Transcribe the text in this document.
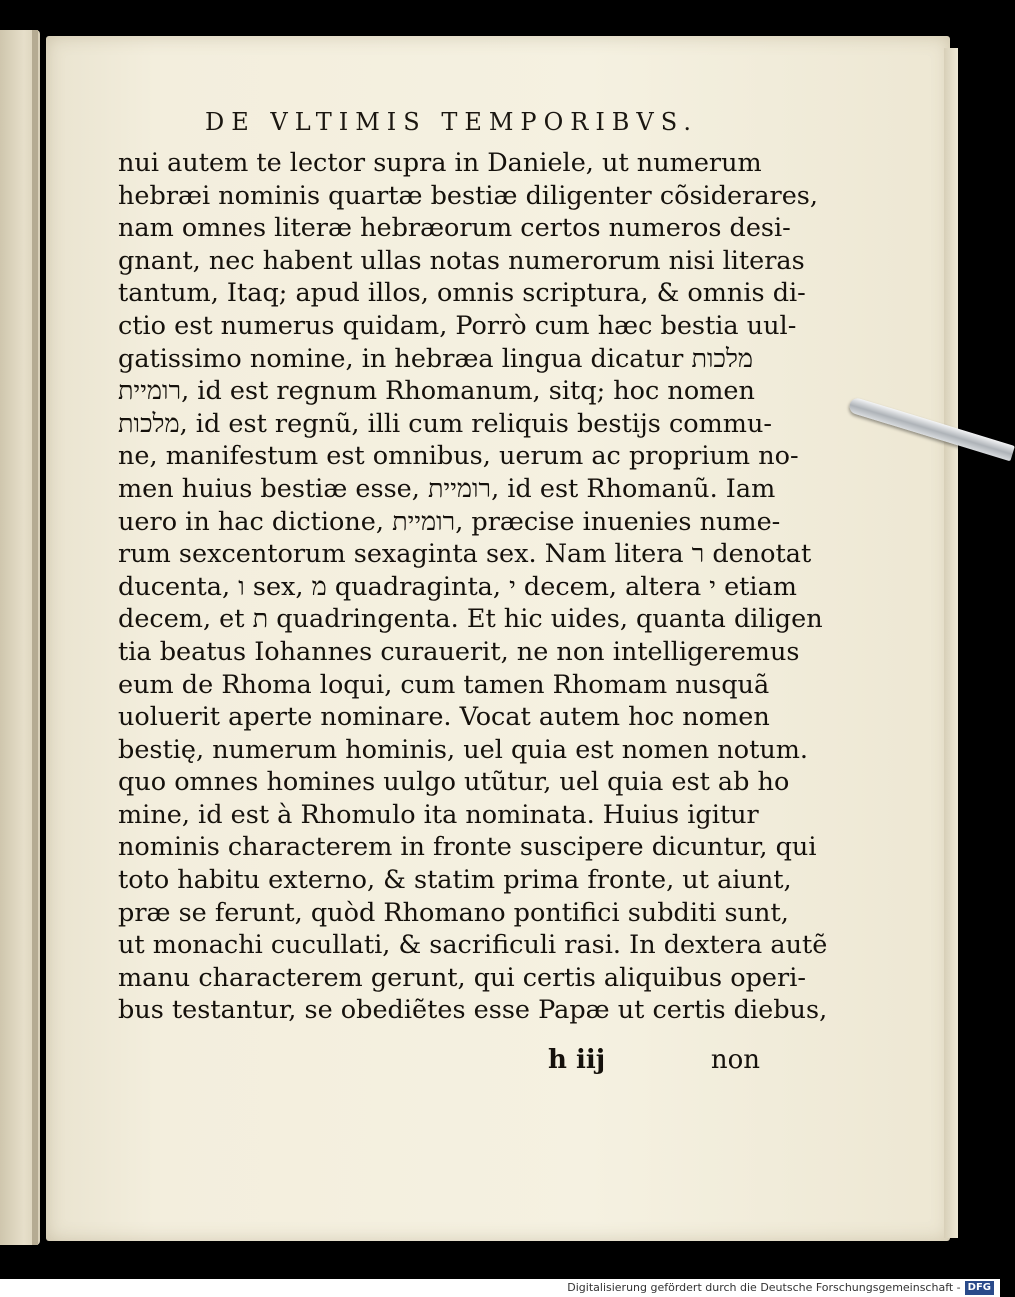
DE VLTIMIS TEMPORIBVS.
nui autem te lector supra in Daniele, ut numerum
hebræi nominis quartæ bestiæ diligenter cõsiderares,
nam omnes literæ hebræorum certos numeros desi-
gnant, nec habent ullas notas numerorum nisi literas
tantum, Itaq; apud illos, omnis scriptura, & omnis di-
ctio est numerus quidam, Porrò cum hæc bestia uul-
gatissimo nomine, in hebræa lingua dicatur מלכות
רומיית, id est regnum Rhomanum, sitq; hoc nomen
מלכות, id est regnũ, illi cum reliquis bestijs commu-
ne, manifestum est omnibus, uerum ac proprium no-
men huius bestiæ esse, רומיית, id est Rhomanũ. Iam
uero in hac dictione, רומיית, præcise inuenies nume-
rum sexcentorum sexaginta sex. Nam litera ר denotat
ducenta, ו sex, מ quadraginta, י decem, altera י etiam
decem, et ת quadringenta. Et hic uides, quanta diligen
tia beatus Iohannes curauerit, ne non intelligeremus
eum de Rhoma loqui, cum tamen Rhomam nusquã
uoluerit aperte nominare. Vocat autem hoc nomen
bestię, numerum hominis, uel quia est nomen notum.
quo omnes homines uulgo utũtur, uel quia est ab ho
mine, id est à Rhomulo ita nominata. Huius igitur
nominis characterem in fronte suscipere dicuntur, qui
toto habitu externo, & statim prima fronte, ut aiunt,
præ se ferunt, quòd Rhomano pontifici subditi sunt,
ut monachi cucullati, & sacrificuli rasi. In dextera autẽ
manu characterem gerunt, qui certis aliquibus operi-
bus testantur, se obediẽtes esse Papæ ut certis diebus,
h iij	non
Digitalisierung gefördert durch die Deutsche Forschungsgemeinschaft - DFG
